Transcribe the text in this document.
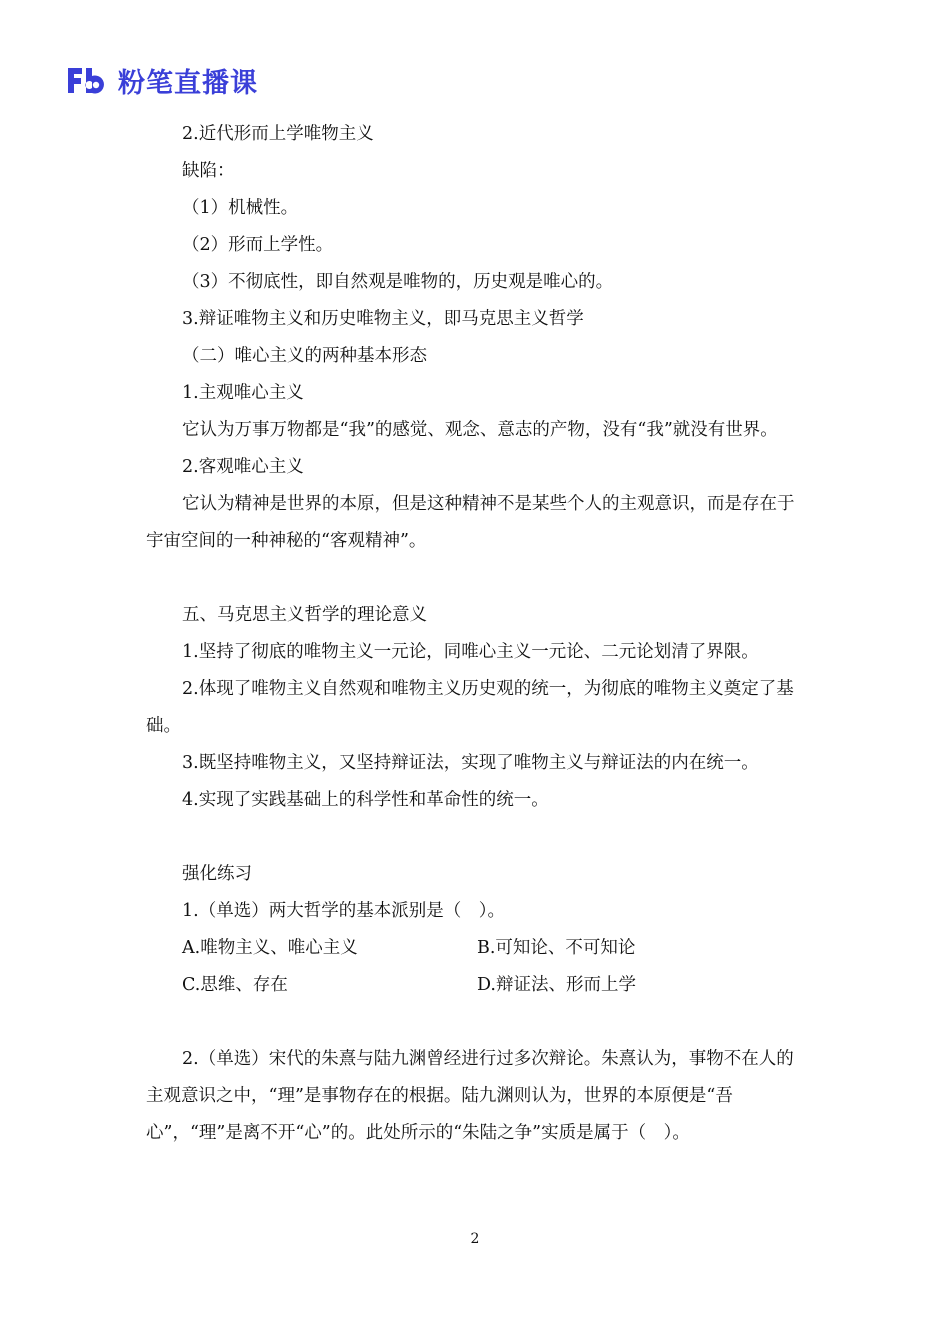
粉笔直播课

2.近代形而上学唯物主义

缺陷：

（1）机械性。

（2）形而上学性。

（3）不彻底性，即自然观是唯物的，历史观是唯心的。

3.辩证唯物主义和历史唯物主义，即马克思主义哲学

（二）唯心主义的两种基本形态

1.主观唯心主义

它认为万事万物都是“我”的感觉、观念、意志的产物，没有“我”就没有世界。

2.客观唯心主义

它认为精神是世界的本原，但是这种精神不是某些个人的主观意识，而是存在于宇宙空间的一种神秘的“客观精神”。

五、马克思主义哲学的理论意义

1.坚持了彻底的唯物主义一元论，同唯心主义一元论、二元论划清了界限。

2.体现了唯物主义自然观和唯物主义历史观的统一，为彻底的唯物主义奠定了基础。

3.既坚持唯物主义，又坚持辩证法，实现了唯物主义与辩证法的内在统一。

4.实现了实践基础上的科学性和革命性的统一。

强化练习

1.（单选）两大哲学的基本派别是（　）。

A.唯物主义、唯心主义	B.可知论、不可知论
C.思维、存在	D.辩证法、形而上学

2.（单选）宋代的朱熹与陆九渊曾经进行过多次辩论。朱熹认为，事物不在人的主观意识之中，“理”是事物存在的根据。陆九渊则认为，世界的本原便是“吾心”，“理”是离不开“心”的。此处所示的“朱陆之争”实质是属于（　）。

2
